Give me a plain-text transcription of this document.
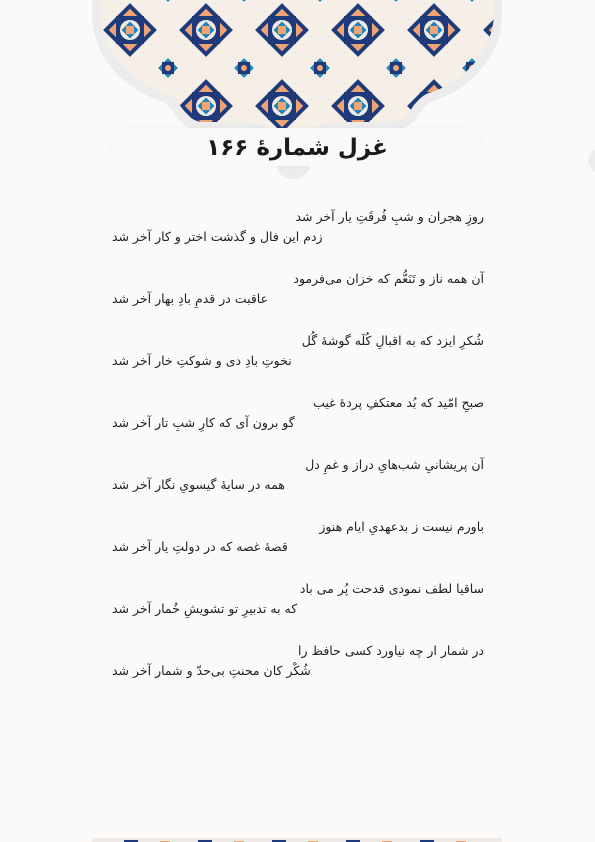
غزل شمارهٔ ۱۶۶
روزِ هجران و شبِ فُرقَتِ یار آخر شد
زدم این فال و گذشت اختر و کار آخر شد
آن همه ناز و تَنَعُّم که خزان می‌فرمود
عاقبت در قدمِ بادِ بهار آخر شد
شُکرِ ایزد که به اقبالِ کُلَه گوشهٔ گُل
نخوتِ بادِ دی و شوکتِ خار آخر شد
صبحِ امّید که بُد معتکفِ پردهٔ غیب
گو برون آی که کارِ شبِ تار آخر شد
آن پریشانیِ شب‌هایِ دراز و غمِ دل
همه در سایهٔ گیسویِ نگار آخر شد
باورم نیست ز بدعهدیِ ایام هنوز
قصهٔ غصه که در دولتِ یار آخر شد
ساقیا لطف نمودی قدحت پُر می باد
که به تدبیرِ تو تشویشِ خُمار آخر شد
در شمار ار چه نیاورد کسی حافظ را
شُکْر کان محنتِ بی‌حدّ و شمار آخر شد
